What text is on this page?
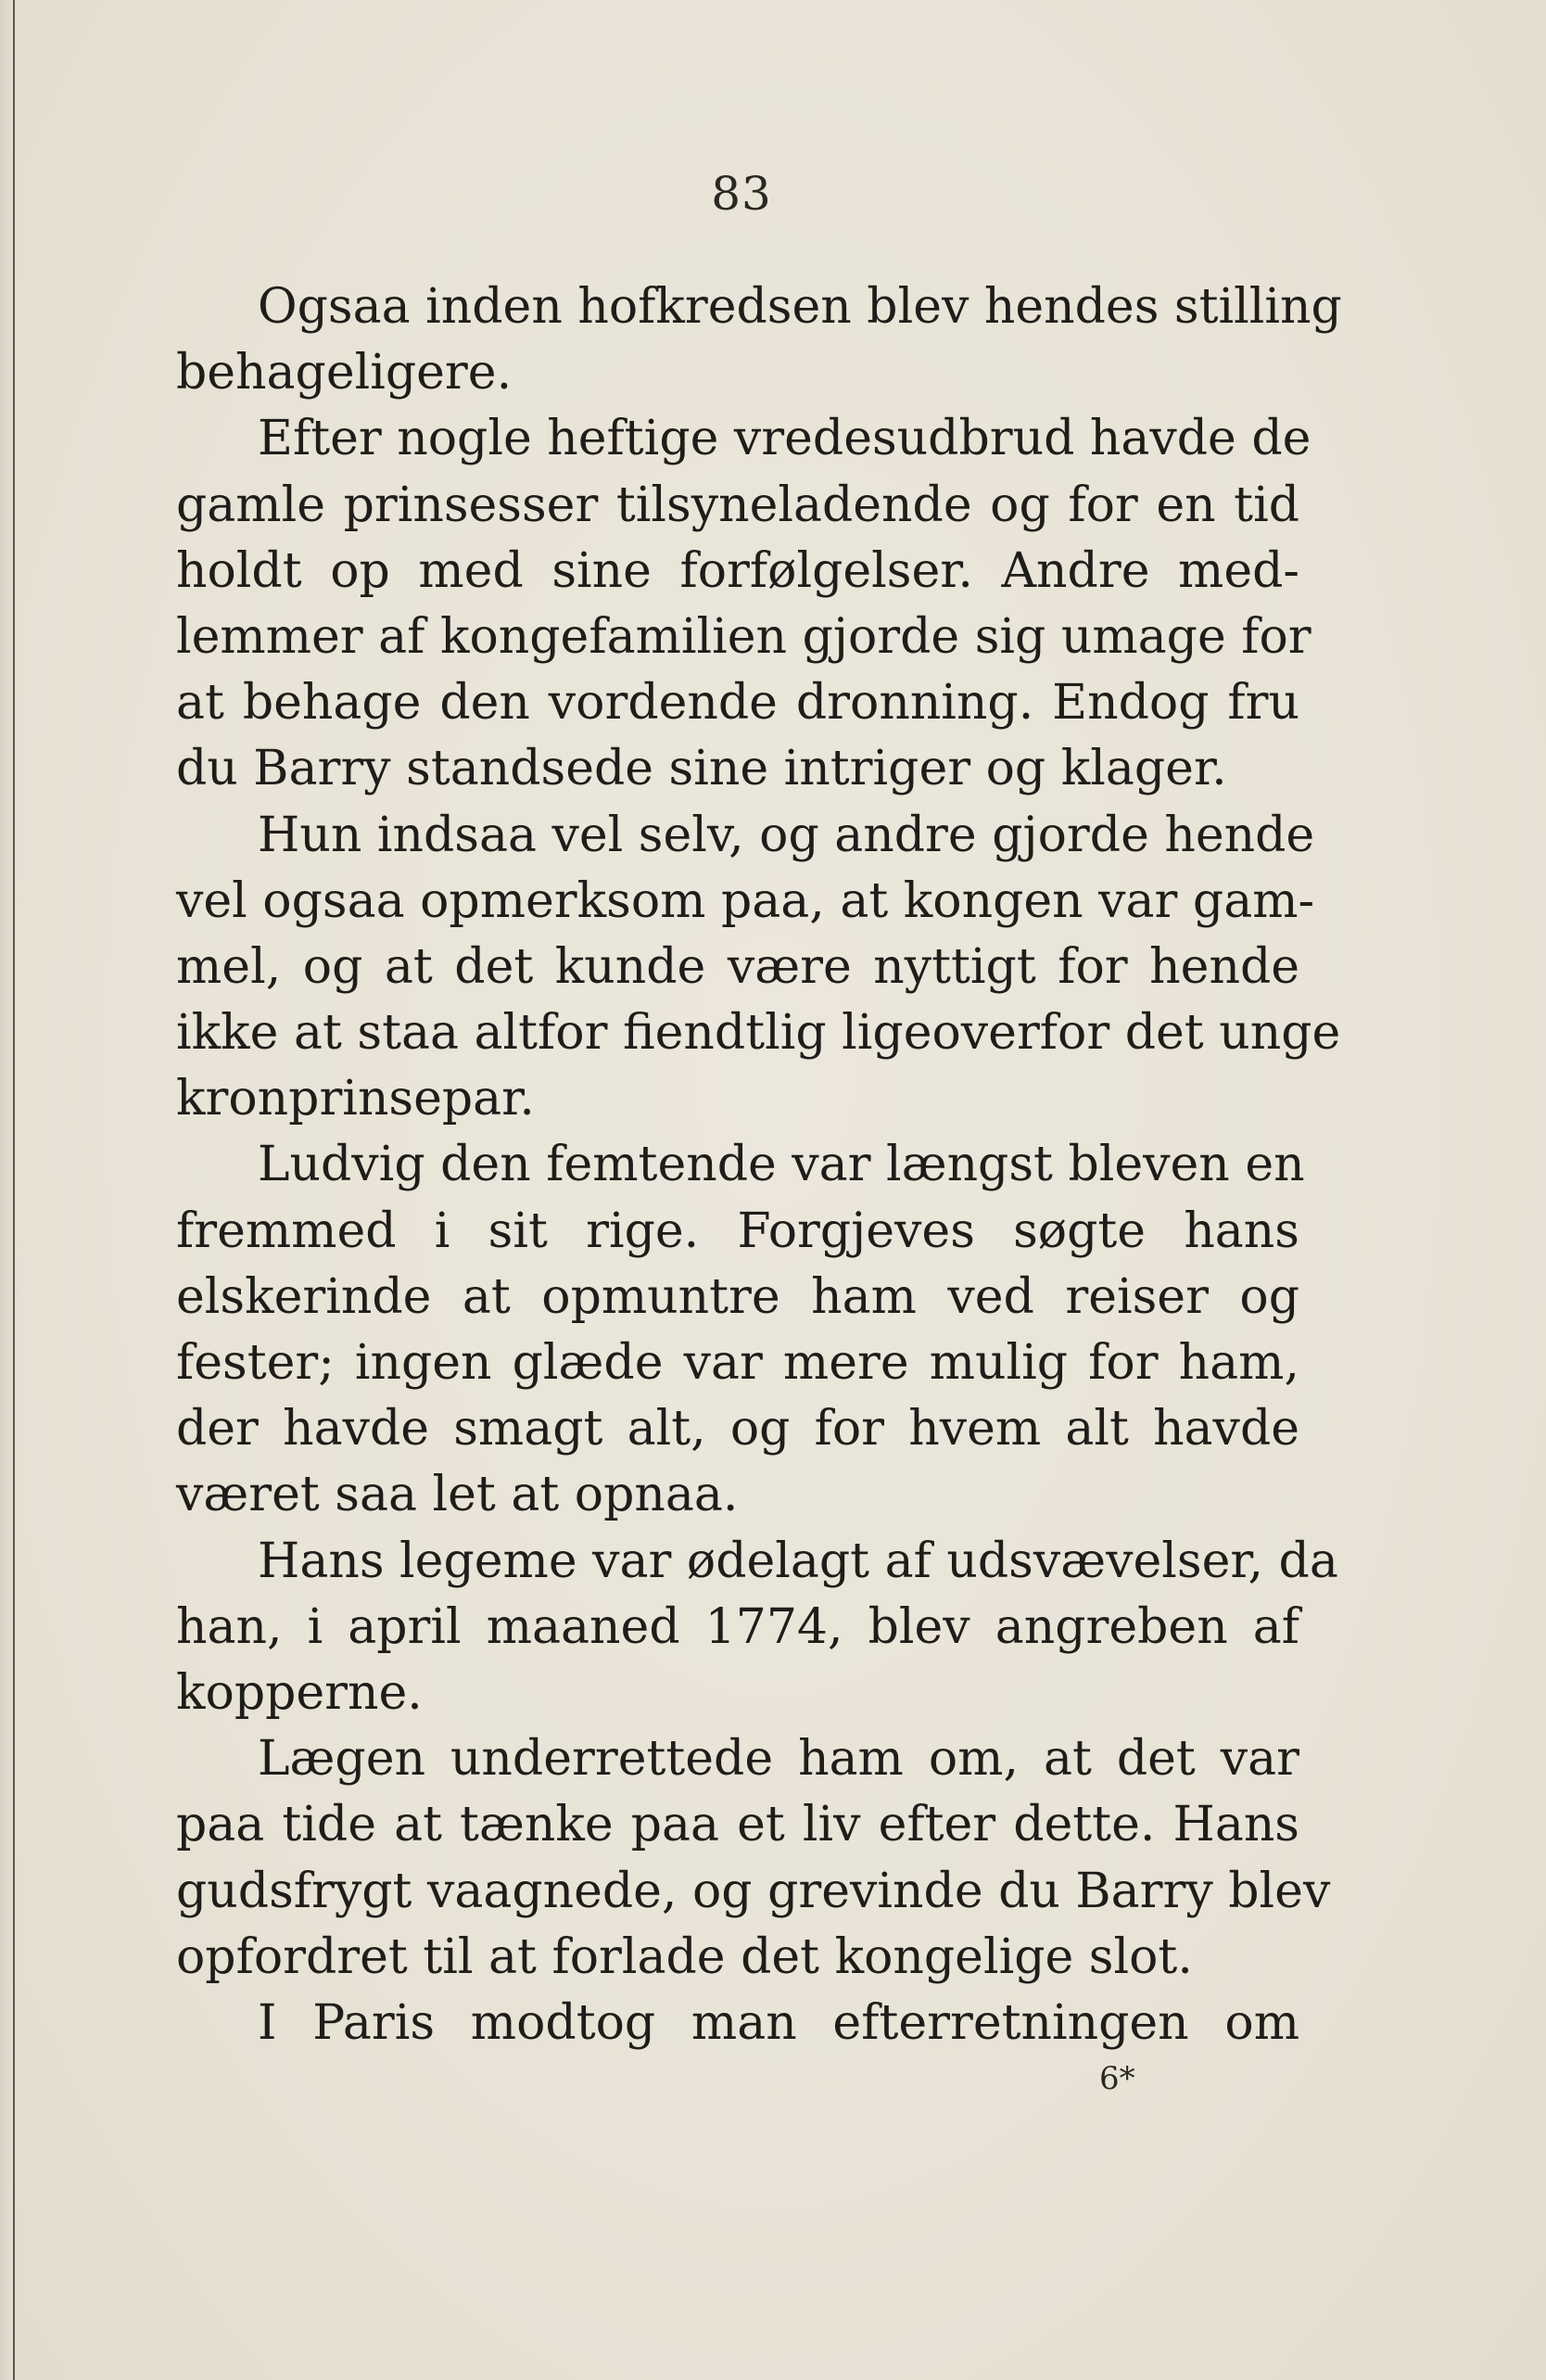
83
Ogsaa inden hofkredsen blev hendes stilling
behageligere.
Efter nogle heftige vredesudbrud havde de
gamle prinsesser tilsyneladende og for en tid
holdt op med sine forfølgelser. Andre med-
lemmer af kongefamilien gjorde sig umage for
at behage den vordende dronning. Endog fru
du Barry standsede sine intriger og klager.
Hun indsaa vel selv, og andre gjorde hende
vel ogsaa opmerksom paa, at kongen var gam-
mel, og at det kunde være nyttigt for hende
ikke at staa altfor fiendtlig ligeoverfor det unge
kronprinsepar.
Ludvig den femtende var længst bleven en
fremmed i sit rige. Forgjeves søgte hans
elskerinde at opmuntre ham ved reiser og
fester; ingen glæde var mere mulig for ham,
der havde smagt alt, og for hvem alt havde
været saa let at opnaa.
Hans legeme var ødelagt af udsvævelser, da
han, i april maaned 1774, blev angreben af
kopperne.
Lægen underrettede ham om, at det var
paa tide at tænke paa et liv efter dette. Hans
gudsfrygt vaagnede, og grevinde du Barry blev
opfordret til at forlade det kongelige slot.
I Paris modtog man efterretningen om
6*
